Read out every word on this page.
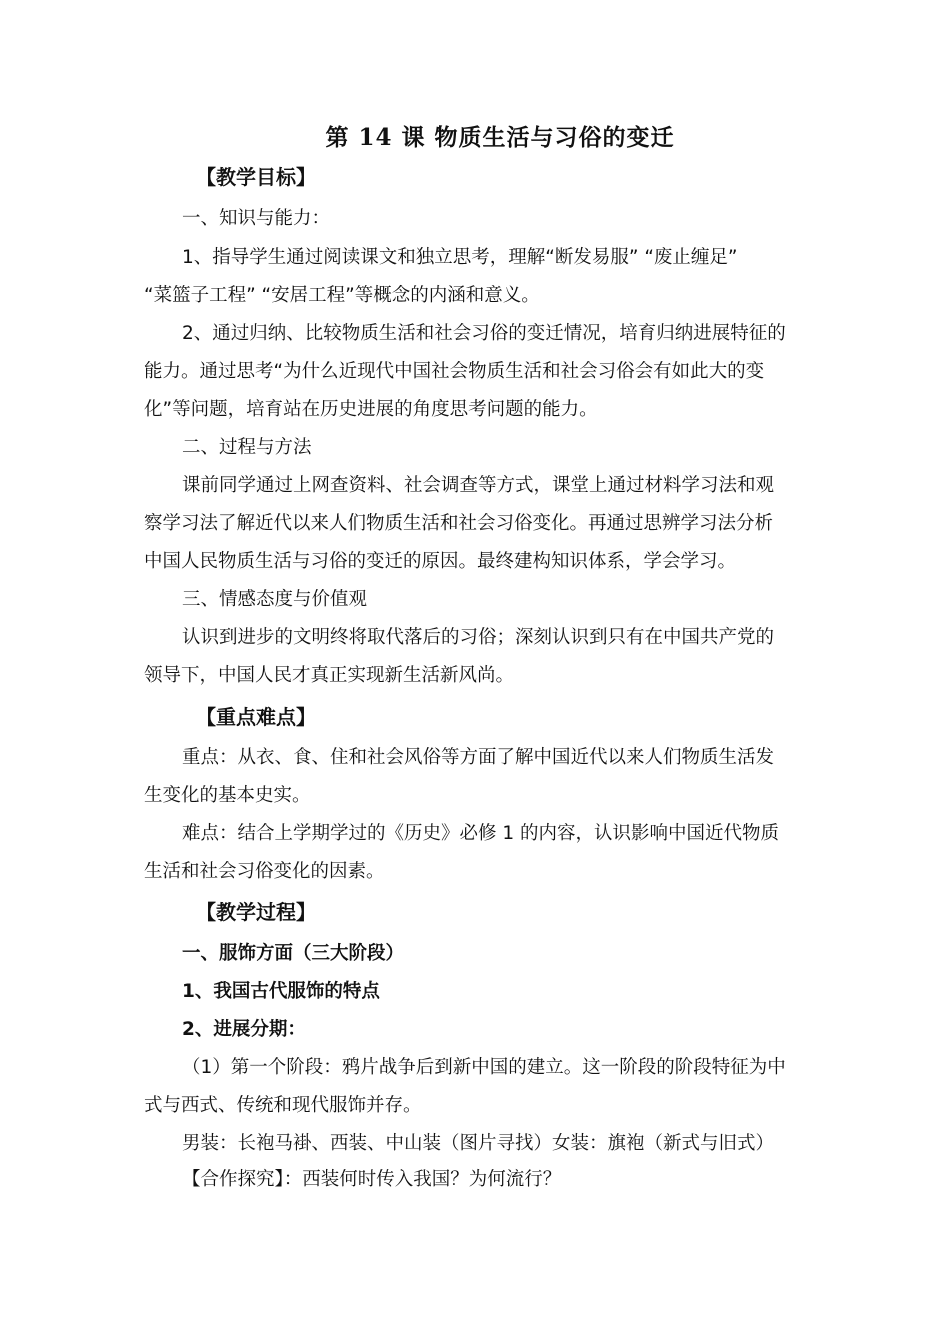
第 14 课 物质生活与习俗的变迁
【教学目标】
一、知识与能力：
1、指导学生通过阅读课文和独立思考，理解“断发易服” “废止缠足”
“菜篮子工程” “安居工程”等概念的内涵和意义。
2、通过归纳、比较物质生活和社会习俗的变迁情况，培育归纳进展特征的
能力。通过思考“为什么近现代中国社会物质生活和社会习俗会有如此大的变
化”等问题，培育站在历史进展的角度思考问题的能力。
二、过程与方法
课前同学通过上网查资料、社会调查等方式，课堂上通过材料学习法和观
察学习法了解近代以来人们物质生活和社会习俗变化。再通过思辨学习法分析
中国人民物质生活与习俗的变迁的原因。最终建构知识体系，学会学习。
三、情感态度与价值观
认识到进步的文明终将取代落后的习俗；深刻认识到只有在中国共产党的
领导下，中国人民才真正实现新生活新风尚。
【重点难点】
重点：从衣、食、住和社会风俗等方面了解中国近代以来人们物质生活发
生变化的基本史实。
难点：结合上学期学过的《历史》必修 1 的内容，认识影响中国近代物质
生活和社会习俗变化的因素。
【教学过程】
一、服饰方面（三大阶段）
1、我国古代服饰的特点
2、进展分期：
（1）第一个阶段：鸦片战争后到新中国的建立。这一阶段的阶段特征为中
式与西式、传统和现代服饰并存。
男装：长袍马褂、西装、中山装（图片寻找）女装：旗袍（新式与旧式）
【合作探究】：西装何时传入我国？为何流行？
